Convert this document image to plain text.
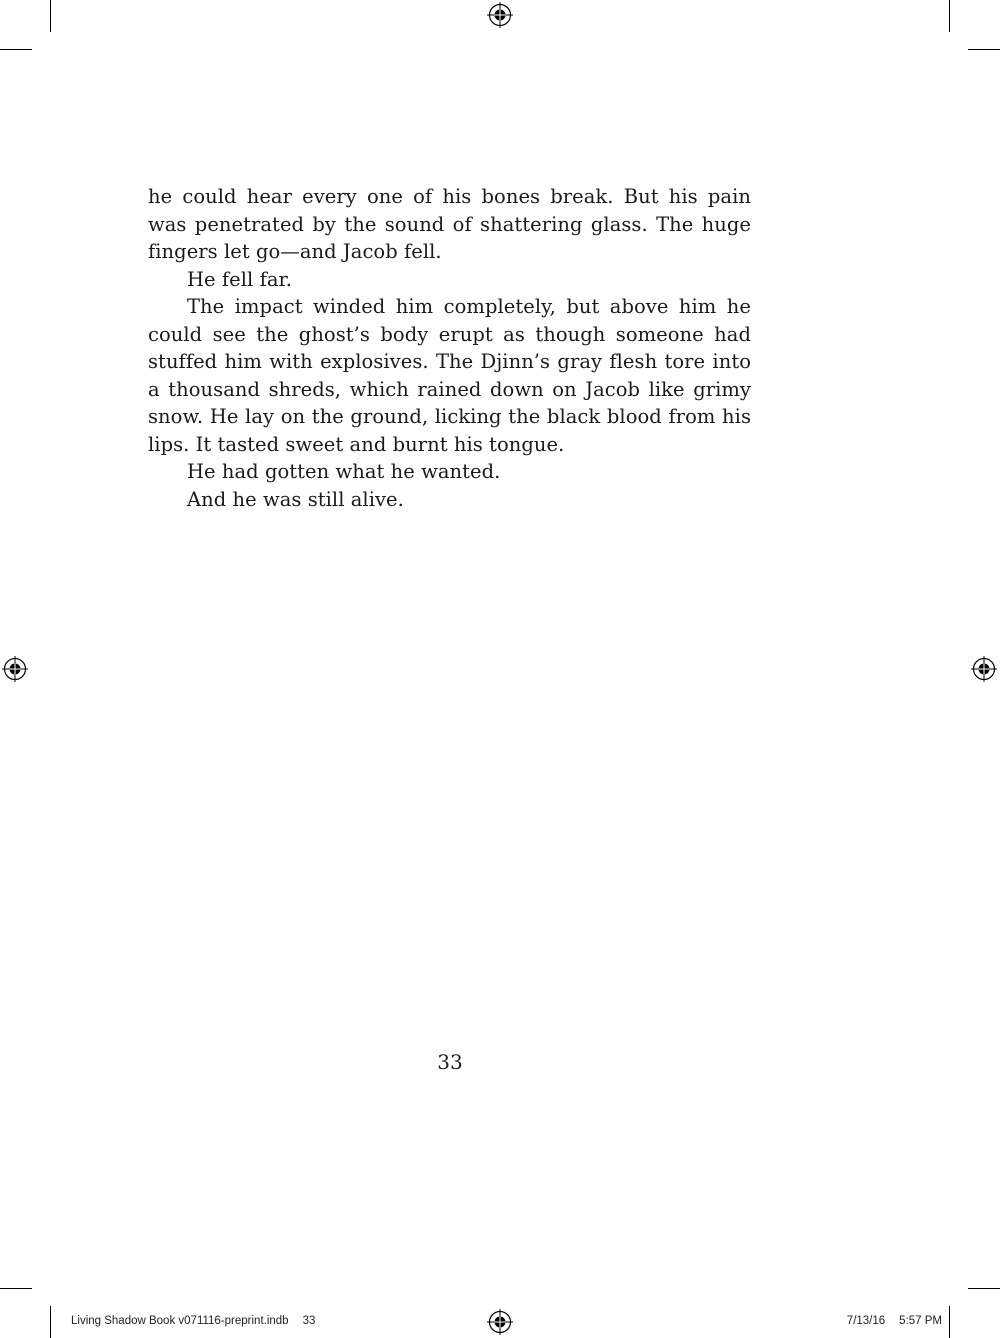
he could hear every one of his bones break. But his pain was penetrated by the sound of shattering glass. The huge fingers let go—and Jacob fell.

He fell far.

The impact winded him completely, but above him he could see the ghost’s body erupt as though someone had stuffed him with explosives. The Djinn’s gray flesh tore into a thousand shreds, which rained down on Jacob like grimy snow. He lay on the ground, licking the black blood from his lips. It tasted sweet and burnt his tongue.

He had gotten what he wanted.

And he was still alive.

33
Living Shadow Book v071116-preprint.indb 33	7/13/16 5:57 PM
